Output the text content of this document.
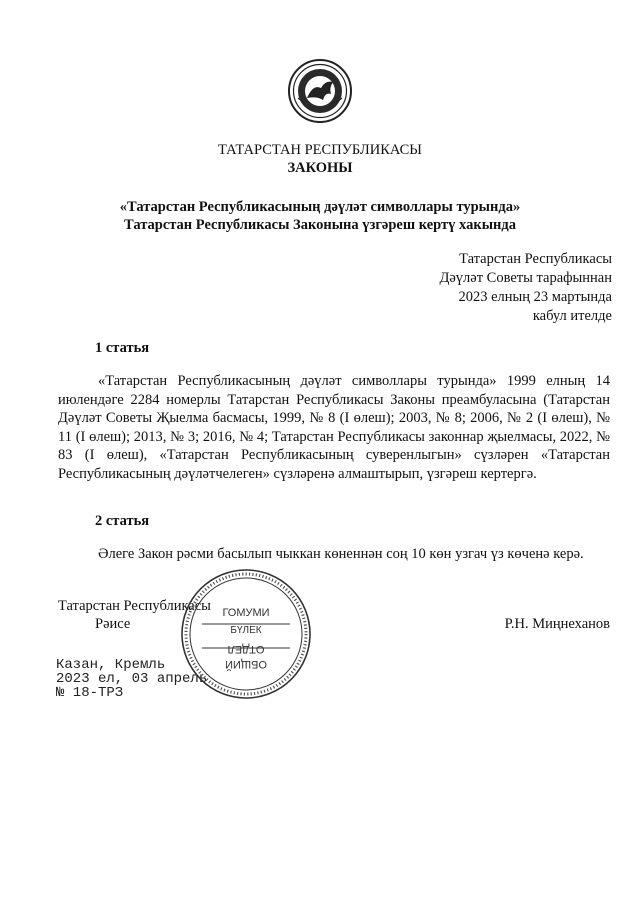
ТАТАРСТАН РЕСПУБЛИКАСЫ
ЗАКОНЫ
«Татарстан Республикасының дәүләт символлары турында»
Татарстан Республикасы Законына үзгәреш кертү хакында
Татарстан Республикасы
Дәүләт Советы тарафыннан
2023 елның 23 мартында
кабул ителде
1 статья
«Татарстан Республикасының дәүләт символлары турында» 1999 елның 14 июлендәге 2284 номерлы Татарстан Республикасы Законы преамбуласына (Татарстан Дәүләт Советы Җыелма басмасы, 1999, № 8 (I өлеш); 2003, № 8; 2006, № 2 (I өлеш), № 11 (I өлеш); 2013, № 3; 2016, № 4; Татарстан Республикасы законнар җыелмасы, 2022, № 83 (I өлеш), «Татарстан Республикасының суверенлыгын» сүзләрен «Татарстан Республикасының дәүләтчелеген» сүзләренә алмаштырып, үзгәреш кертергә.
2 статья
Әлеге Закон рәсми басылып чыккан көненнән соң 10 көн узгач үз көченә керә.
Татарстан Республикасы
Рәисе	Р.Н. Миңнеханов
Казан, Кремль
2023 ел, 03 апрель
№ 18-ТРЗ
ГОМУМИ
БҮЛЕК
ОТДЕЛ
ОБЩИЙ
